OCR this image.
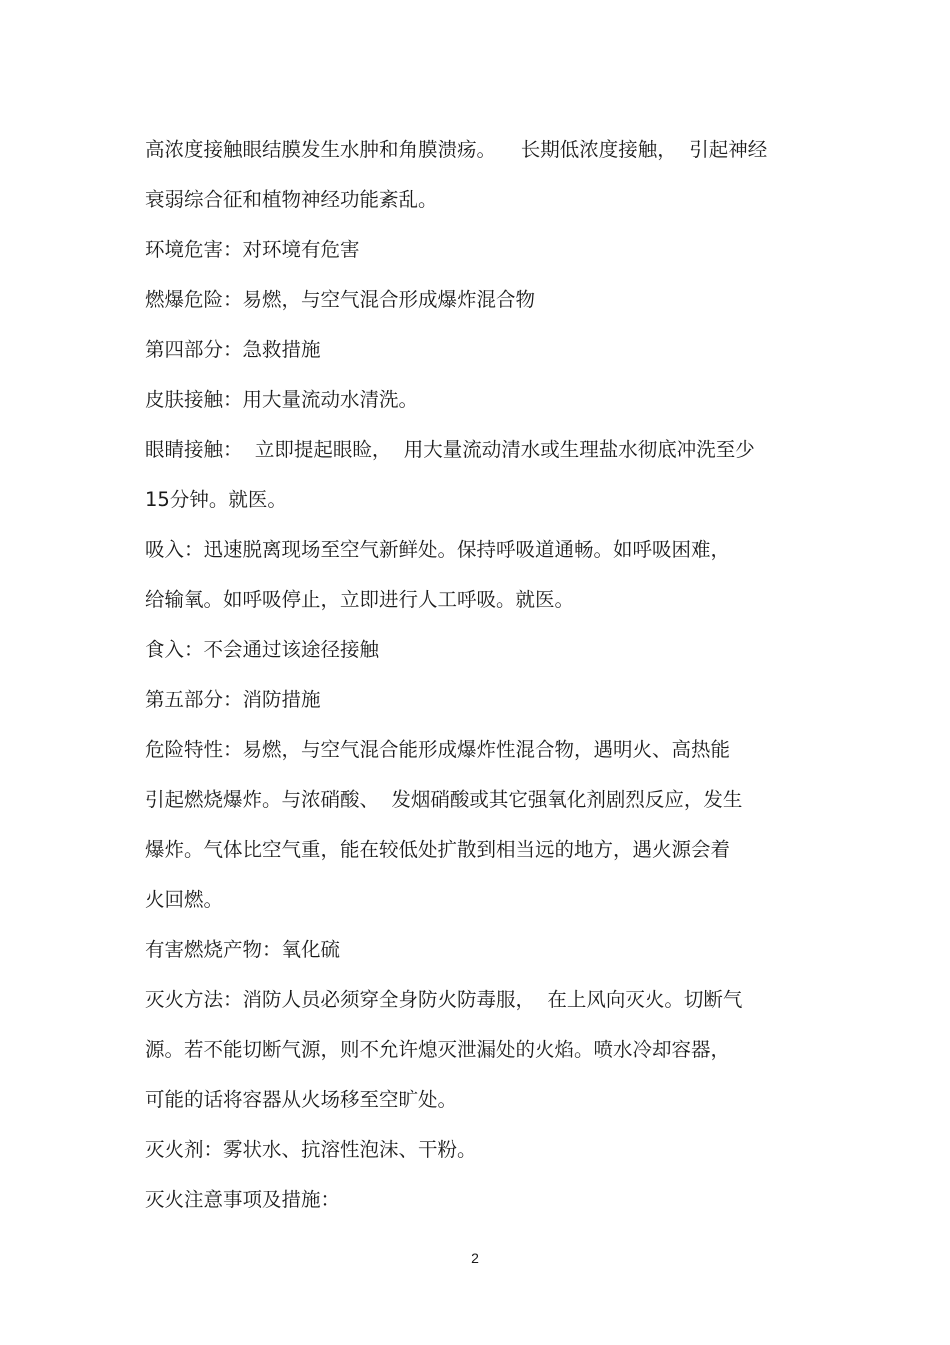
高浓度接触眼结膜发生水肿和角膜溃疡。    长期低浓度接触，  引起神经
衰弱综合征和植物神经功能紊乱。
环境危害：对环境有危害
燃爆危险：易燃，与空气混合形成爆炸混合物
第四部分：急救措施
皮肤接触：用大量流动水清洗。
眼睛接触：  立即提起眼睑，  用大量流动清水或生理盐水彻底冲洗至少
15分钟。就医。
吸入：迅速脱离现场至空气新鲜处。保持呼吸道通畅。如呼吸困难，
给输氧。如呼吸停止，立即进行人工呼吸。就医。
食入：不会通过该途径接触
第五部分：消防措施
危险特性：易燃，与空气混合能形成爆炸性混合物，遇明火、高热能
引起燃烧爆炸。与浓硝酸、  发烟硝酸或其它强氧化剂剧烈反应，发生
爆炸。气体比空气重，能在较低处扩散到相当远的地方，遇火源会着
火回燃。
有害燃烧产物：氧化硫
灭火方法：消防人员必须穿全身防火防毒服，  在上风向灭火。切断气
源。若不能切断气源，则不允许熄灭泄漏处的火焰。喷水冷却容器，
可能的话将容器从火场移至空旷处。
灭火剂：雾状水、抗溶性泡沫、干粉。
灭火注意事项及措施：
2
